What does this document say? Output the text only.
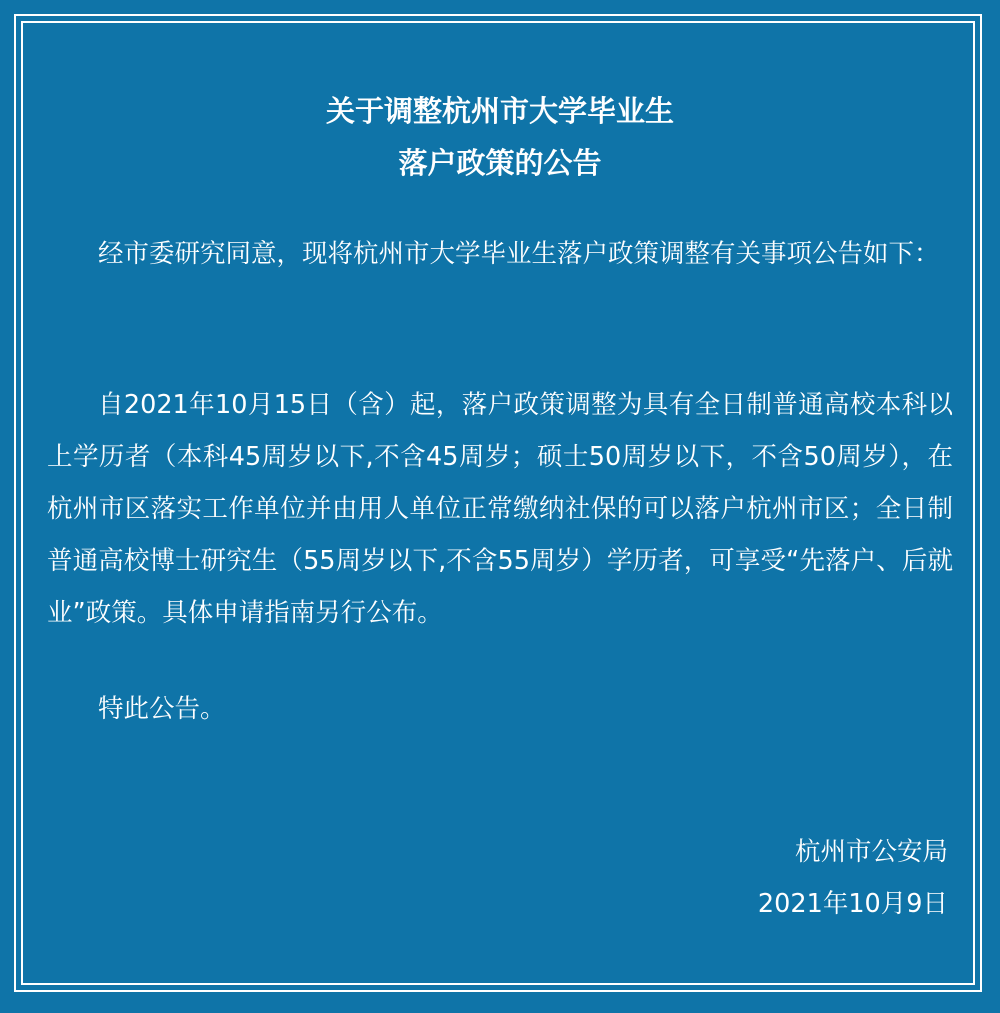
关于调整杭州市大学毕业生
落户政策的公告

经市委研究同意，现将杭州市大学毕业生落户政策调整有关事项公告如下：

自2021年10月15日（含）起，落户政策调整为具有全日制普通高校本科以上学历者（本科45周岁以下,不含45周岁；硕士50周岁以下，不含50周岁），在杭州市区落实工作单位并由用人单位正常缴纳社保的可以落户杭州市区；全日制普通高校博士研究生（55周岁以下,不含55周岁）学历者，可享受“先落户、后就业”政策。具体申请指南另行公布。

特此公告。

杭州市公安局
2021年10月9日
